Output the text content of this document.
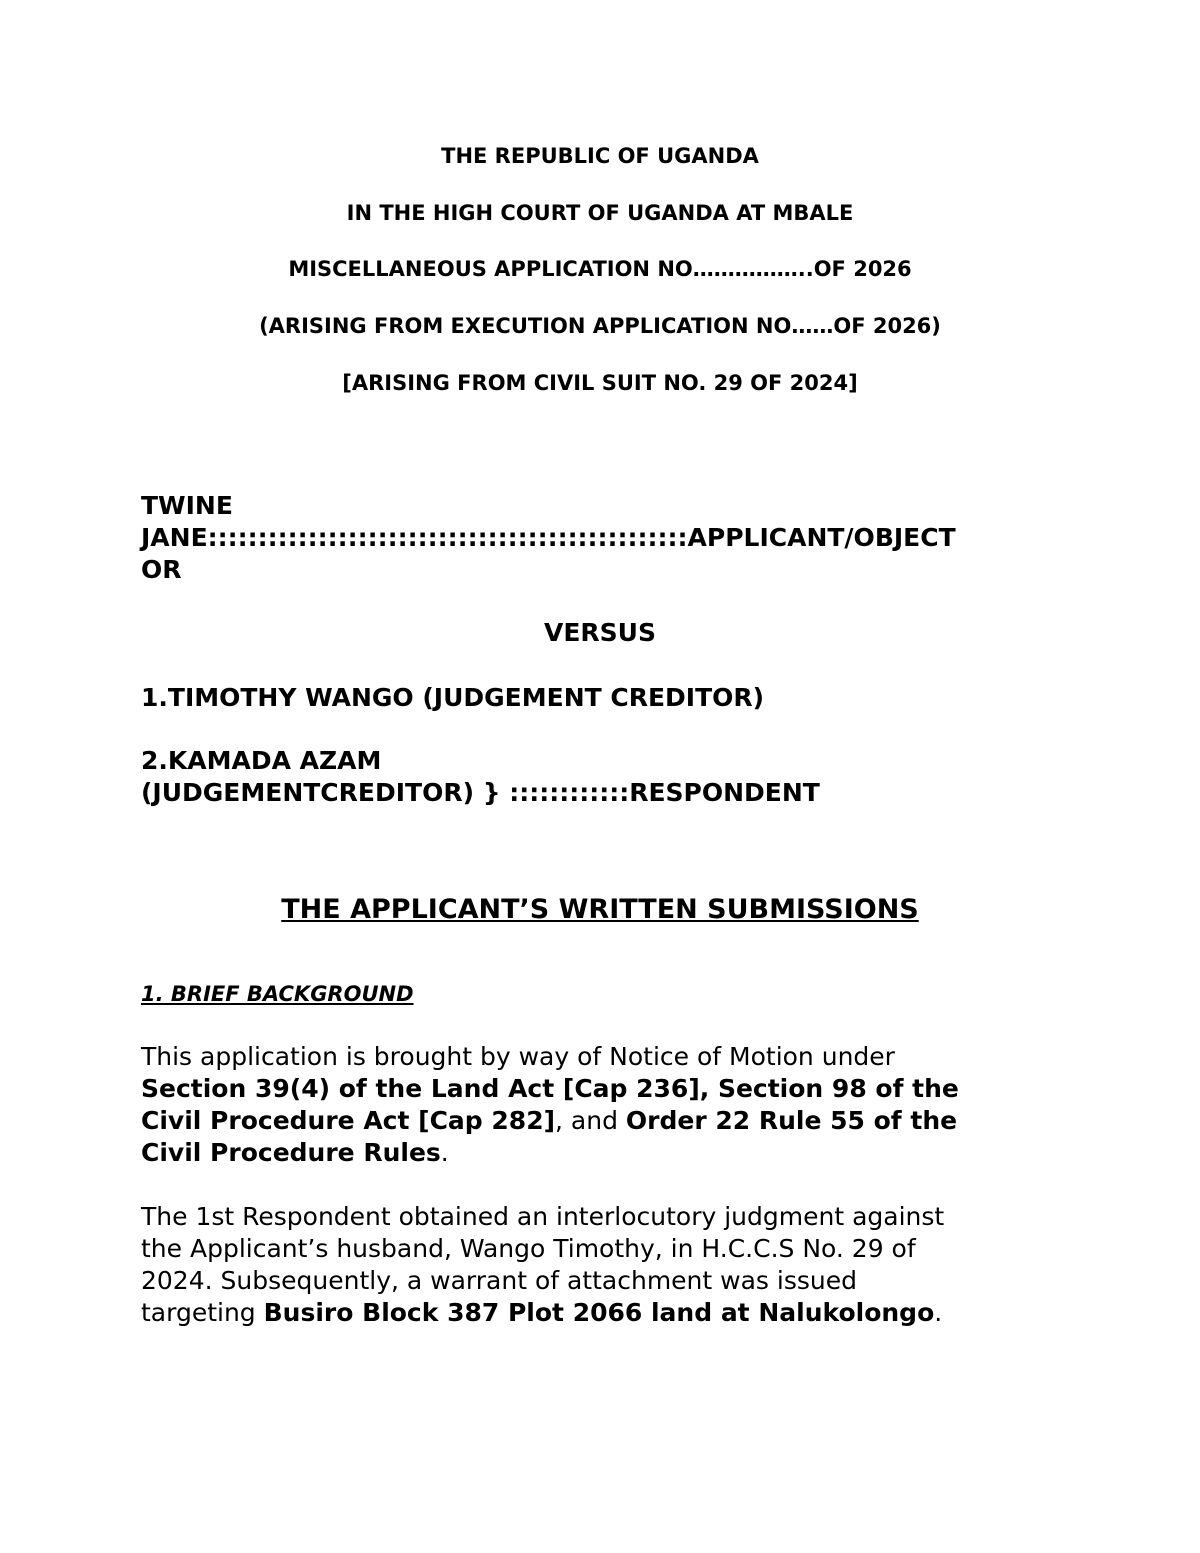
THE REPUBLIC OF UGANDA
IN THE HIGH COURT OF UGANDA AT MBALE
MISCELLANEOUS APPLICATION NO……………..OF 2026
(ARISING FROM EXECUTION APPLICATION NO……OF 2026)
[ARISING FROM CIVIL SUIT NO. 29 OF 2024]
TWINE
JANE::::::::::::::::::::::::::::::::::::::::::::::::APPLICANT/OBJECT
OR
VERSUS
1.TIMOTHY WANGO (JUDGEMENT CREDITOR)
2.KAMADA AZAM
(JUDGEMENTCREDITOR) } ::::::::::::RESPONDENT
THE APPLICANT’S WRITTEN SUBMISSIONS
1. BRIEF BACKGROUND
This application is brought by way of Notice of Motion under
Section 39(4) of the Land Act [Cap 236], Section 98 of the
Civil Procedure Act [Cap 282], and Order 22 Rule 55 of the
Civil Procedure Rules.
The 1st Respondent obtained an interlocutory judgment against
the Applicant’s husband, Wango Timothy, in H.C.C.S No. 29 of
2024. Subsequently, a warrant of attachment was issued
targeting Busiro Block 387 Plot 2066 land at Nalukolongo.
